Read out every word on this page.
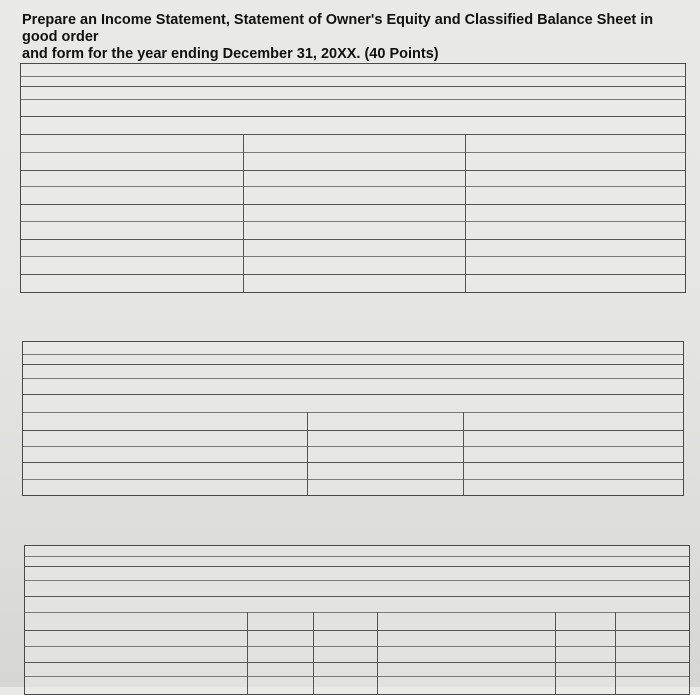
Prepare an Income Statement, Statement of Owner's Equity and Classified Balance Sheet in good order
and form for the year ending December 31, 20XX. (40 Points)
